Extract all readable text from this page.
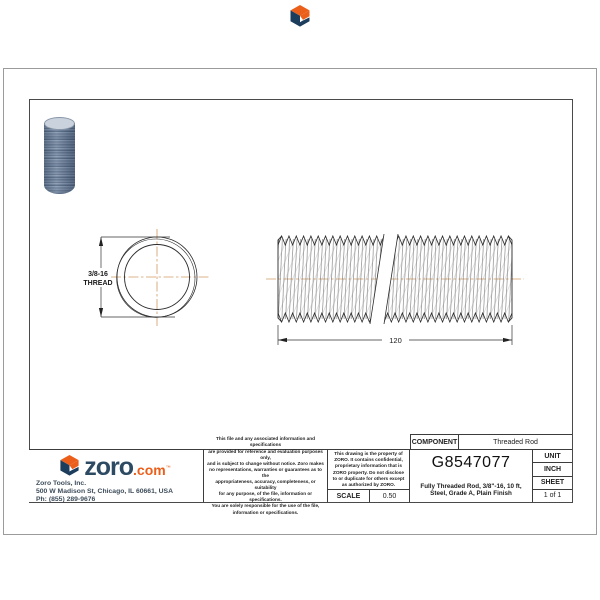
3/8-16
THREAD
120
COMPONENT	Threaded Rod
zoro .com ™
Zoro Tools, Inc.
500 W Madison St, Chicago, IL 60661, USA
Ph: (855) 289-9676
This file and any associated information and specifications
are provided for reference and evaluation purposes only,
and is subject to change without notice. Zoro makes
no representations, warranties or guarantees as to the
appropriateness, accuracy, completeness, or suitability
for any purpose, of the file, information or specifications.
You are solely responsible for the use of the file,
information or specifications.
This drawing is the property of
ZORO. It contains confidential,
proprietary information that is
ZORO property. Do not disclose
to or duplicate for others except
as authorized by ZORO.
SCALE	0.50
G8547077
Fully Threaded Rod, 3/8"-16, 10 ft,
Steel, Grade A, Plain Finish
UNIT
INCH
SHEET
1 of 1
